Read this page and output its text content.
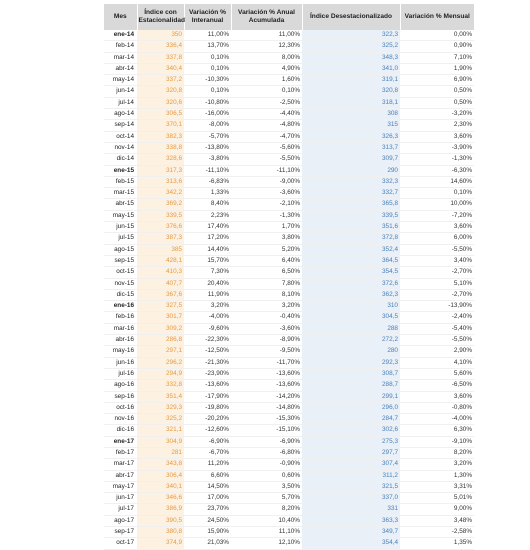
Mes	Índice con Estacionalidad	Variación % Interanual	Variación % Anual Acumulada	Índice Desestacionalizado	Variación % Mensual
ene-14	350	11,00%	11,00%	322,3	0,00%
feb-14	336,4	13,70%	12,30%	325,2	0,90%
mar-14	337,8	0,10%	8,00%	348,3	7,10%
abr-14	340,4	0,10%	4,90%	341,0	1,90%
may-14	337,2	-10,30%	1,60%	319,1	6,90%
jun-14	320,8	0,10%	0,10%	320,8	0,50%
jul-14	320,6	-10,80%	-2,50%	318,1	0,50%
ago-14	306,5	-16,00%	-4,40%	308	-3,20%
sep-14	370,1	-8,00%	-4,80%	315	2,30%
oct-14	382,3	-5,70%	-4,70%	326,3	3,60%
nov-14	338,8	-13,80%	-5,60%	313,7	-3,90%
dic-14	328,6	-3,80%	-5,50%	309,7	-1,30%
ene-15	317,3	-11,10%	-11,10%	290	-6,30%
feb-15	313,6	-6,83%	-9,00%	332,3	14,60%
mar-15	342,2	1,33%	-3,60%	332,7	0,10%
abr-15	369,2	8,40%	-2,10%	365,8	10,00%
may-15	339,5	2,23%	-1,30%	339,5	-7,20%
jun-15	376,6	17,40%	1,70%	351,6	3,60%
jul-15	387,3	17,20%	3,80%	372,8	6,00%
ago-15	385	14,40%	5,20%	352,4	-5,50%
sep-15	428,1	15,70%	6,40%	364,5	3,40%
oct-15	410,3	7,30%	6,50%	354,5	-2,70%
nov-15	407,7	20,40%	7,80%	372,6	5,10%
dic-15	367,6	11,90%	8,10%	362,3	-2,70%
ene-16	327,5	3,20%	3,20%	310	-13,90%
feb-16	301,7	-4,00%	-0,40%	304,5	-2,40%
mar-16	309,2	-9,60%	-3,60%	288	-5,40%
abr-16	286,8	-22,30%	-8,90%	272,2	-5,50%
may-16	297,1	-12,50%	-9,50%	280	2,90%
jun-16	296,2	-21,30%	-11,70%	292,3	4,10%
jul-16	294,9	-23,90%	-13,60%	308,7	5,60%
ago-16	332,8	-13,60%	-13,60%	288,7	-6,50%
sep-16	351,4	-17,90%	-14,20%	299,1	3,60%
oct-16	329,3	-19,80%	-14,80%	296,0	-0,80%
nov-16	325,2	-20,20%	-15,30%	284,7	-4,00%
dic-16	321,1	-12,60%	-15,10%	302,6	6,30%
ene-17	304,9	-6,90%	-6,90%	275,3	-9,10%
feb-17	281	-6,70%	-6,80%	297,7	8,20%
mar-17	343,8	11,20%	-0,90%	307,4	3,20%
abr-17	306,4	6,60%	0,60%	311,2	1,30%
may-17	340,1	14,50%	3,50%	321,5	3,31%
jun-17	346,6	17,00%	5,70%	337,0	5,01%
jul-17	386,9	23,70%	8,20%	331	9,00%
ago-17	390,5	24,50%	10,40%	363,3	3,48%
sep-17	380,8	15,90%	11,10%	349,7	-2,58%
oct-17	374,9	21,03%	12,10%	354,4	1,35%
